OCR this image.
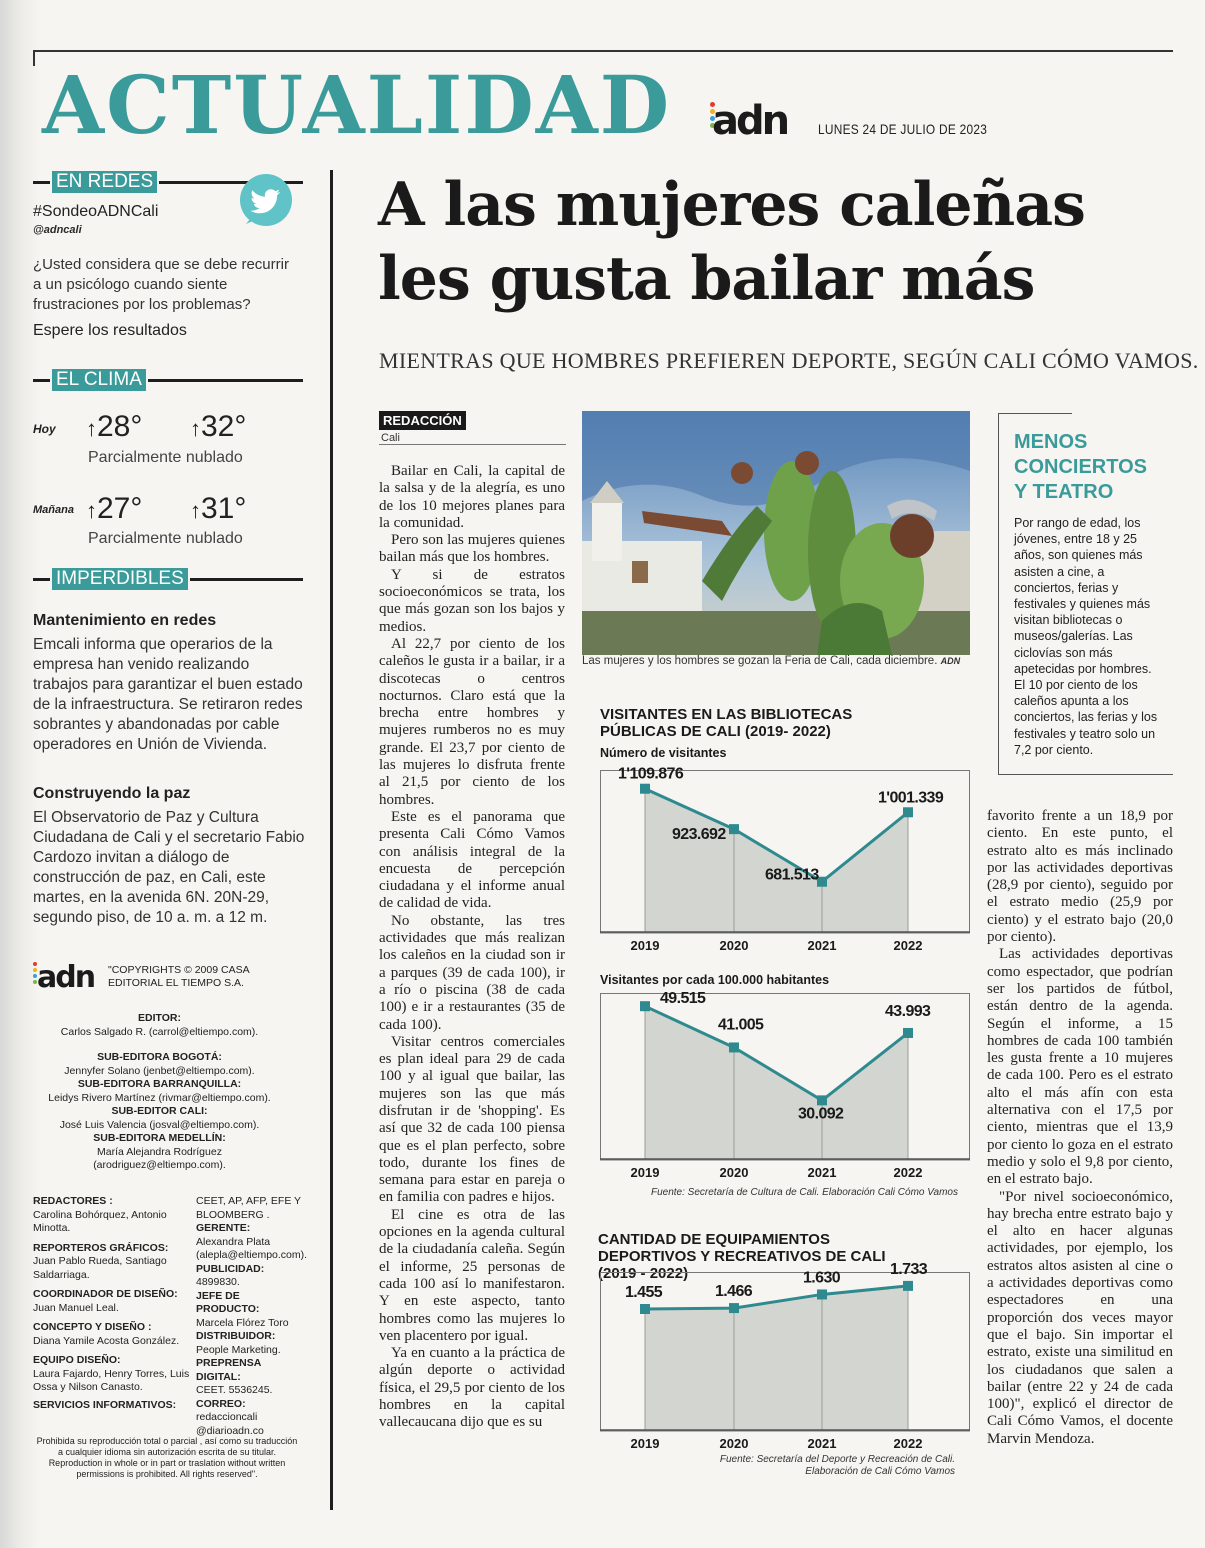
ACTUALIDAD adn LUNES 24 DE JULIO DE 2023
EN REDES
#SondeoADNCali
@adncali
¿Usted considera que se debe recurrir a un psicólogo cuando siente frustraciones por los problemas?
Espere los resultados
EL CLIMA
Hoy ↑28° ↑32°
Parcialmente nublado
Mañana ↑27° ↑31°
Parcialmente nublado
IMPERDIBLES
Mantenimiento en redes
Emcali informa que operarios de la empresa han venido realizando trabajos para garantizar el buen estado de la infraestructura. Se retiraron redes sobrantes y abandonadas por cable operadores en Unión de Vivienda.
Construyendo la paz
El Observatorio de Paz y Cultura Ciudadana de Cali y el secretario Fabio Cardozo invitan a diálogo de construcción de paz, en Cali, este martes, en la avenida 6N. 20N-29, segundo piso, de 10 a. m. a 12 m.
adn "COPYRIGHTS © 2009 CASA EDITORIAL EL TIEMPO S.A.
EDITOR:
Carlos Salgado R. (carrol@eltiempo.com).
SUB-EDITORA BOGOTÁ:
Jennyfer Solano (jenbet@eltiempo.com).
SUB-EDITORA BARRANQUILLA:
Leidys Rivero Martínez (rivmar@eltiempo.com).
SUB-EDITOR CALI:
José Luis Valencia (josval@eltiempo.com).
SUB-EDITORA MEDELLÍN:
María Alejandra Rodríguez (arodriguez@eltiempo.com).
REDACTORES :
Carolina Bohórquez, Antonio Minotta.
REPORTEROS GRÁFICOS:
Juan Pablo Rueda, Santiago Saldarriaga.
COORDINADOR DE DISEÑO:
Juan Manuel Leal.
CONCEPTO Y DISEÑO :
Diana Yamile Acosta González.
EQUIPO DISEÑO:
Laura Fajardo, Henry Torres, Luis Ossa y Nilson Canasto.
SERVICIOS INFORMATIVOS:
CEET, AP, AFP, EFE Y BLOOMBERG .
GERENTE:
Alexandra Plata (alepla@eltiempo.com).
PUBLICIDAD:
4899830.
JEFE DE PRODUCTO:
Marcela Flórez Toro
DISTRIBUIDOR:
People Marketing.
PREPRENSA DIGITAL:
CEET. 5536245.
CORREO:
redaccioncali @diarioadn.co
Prohibida su reproducción total o parcial , así como su traducción a cualquier idioma sin autorización escrita de su titular. Reproduction in whole or in part or traslation without written permissions is prohibited. All rights reserved".
A las mujeres caleñas les gusta bailar más
MIENTRAS QUE HOMBRES PREFIEREN DEPORTE, SEGÚN CALI CÓMO VAMOS.
REDACCIÓN
Cali

Bailar en Cali, la capital de la salsa y de la alegría, es uno de los 10 mejores planes para la comunidad.

Pero son las mujeres quienes bailan más que los hombres.

Y si de estratos socioeconómicos se trata, los que más gozan son los bajos y medios.

Al 22,7 por ciento de los caleños le gusta ir a bailar, ir a discotecas o centros nocturnos. Claro está que la brecha entre hombres y mujeres rumberos no es muy grande. El 23,7 por ciento de las mujeres lo disfruta frente al 21,5 por ciento de los hombres.

Este es el panorama que presenta Cali Cómo Vamos con análisis integral de la encuesta de percepción ciudadana y el informe anual de calidad de vida.

No obstante, las tres actividades que más realizan los caleños en la ciudad son ir a parques (39 de cada 100), ir a río o piscina (38 de cada 100) e ir a restaurantes (35 de cada 100).

Visitar centros comerciales es plan ideal para 29 de cada 100 y al igual que bailar, las mujeres son las que más disfrutan ir de 'shopping'. Es así que 32 de cada 100 piensa que es el plan perfecto, sobre todo, durante los fines de semana para estar en pareja o en familia con padres e hijos.

El cine es otra de las opciones en la agenda cultural de la ciudadanía caleña. Según el informe, 25 personas de cada 100 así lo manifestaron. Y en este aspecto, tanto hombres como las mujeres lo ven placentero por igual.

Ya en cuanto a la práctica de algún deporte o actividad física, el 29,5 por ciento de los hombres en la capital vallecaucana dijo que es su

Las mujeres y los hombres se gozan la Feria de Cali, cada diciembre. ADN
MENOS
CONCIERTOS
Y TEATRO
Por rango de edad, los jóvenes, entre 18 y 25 años, son quienes más asisten a cine, a conciertos, ferias y festivales y quienes más visitan bibliotecas o museos/galerías. Las ciclovías son más apetecidas por hombres. El 10 por ciento de los caleños apunta a los conciertos, las ferias y los festivales y teatro solo un 7,2 por ciento.
VISITANTES EN LAS BIBLIOTECAS PÚBLICAS DE CALI (2019- 2022)
Número de visitantes
1'109.876
923.692
681.513
1'001.339
2019	2020	2021	2022
Visitantes por cada 100.000 habitantes
49.515
41.005
30.092
43.993
2019	2020	2021	2022
Fuente: Secretaría de Cultura de Cali. Elaboración Cali Cómo Vamos
CANTIDAD DE EQUIPAMIENTOS DEPORTIVOS Y RECREATIVOS DE CALI (2019 - 2022)
1.455	1.466
1.630
1.733
2019	2020	2021	2022
Fuente: Secretaría del Deporte y Recreación de Cali.
Elaboración de Cali Cómo Vamos

favorito frente a un 18,9 por ciento. En este punto, el estrato alto es más inclinado por las actividades deportivas (28,9 por ciento), seguido por el estrato medio (25,9 por ciento) y el estrato bajo (20,0 por ciento).

Las actividades deportivas como espectador, que podrían ser los partidos de fútbol, están dentro de la agenda. Según el informe, a 15 hombres de cada 100 también les gusta frente a 10 mujeres de cada 100. Pero es el estrato alto el más afín con esta alternativa con el 17,5 por ciento, mientras que el 13,9 por ciento lo goza en el estrato medio y solo el 9,8 por ciento, en el estrato bajo.

"Por nivel socioeconómico, hay brecha entre estrato bajo y el alto en hacer algunas actividades, por ejemplo, los estratos altos asisten al cine o a actividades deportivas como espectadores en una proporción dos veces mayor que el bajo. Sin importar el estrato, existe una similitud en los ciudadanos que salen a bailar (entre 22 y 24 de cada 100)", explicó el director de Cali Cómo Vamos, el docente Marvin Mendoza.
